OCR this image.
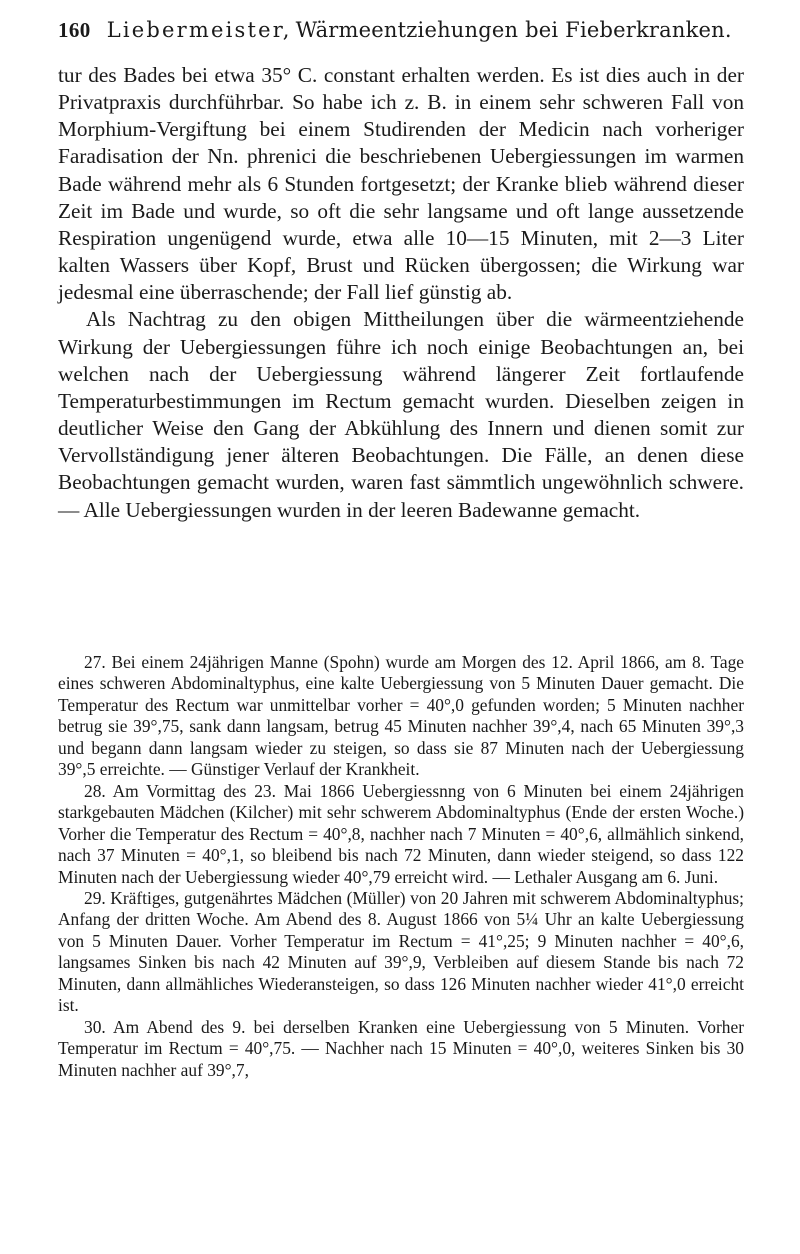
160 Liebermeister, Wärmeentziehungen bei Fieberkranken.

tur des Bades bei etwa 35° C. constant erhalten werden. Es ist dies auch in der Privatpraxis durchführbar. So habe ich z. B. in einem sehr schweren Fall von Morphium-Vergiftung bei einem Studirenden der Medicin nach vorheriger Faradisation der Nn. phrenici die beschriebenen Uebergiessungen im warmen Bade während mehr als 6 Stunden fortgesetzt; der Kranke blieb während dieser Zeit im Bade und wurde, so oft die sehr langsame und oft lange aussetzende Respiration ungenügend wurde, etwa alle 10—15 Minuten, mit 2—3 Liter kalten Wassers über Kopf, Brust und Rücken übergossen; die Wirkung war jedesmal eine überraschende; der Fall lief günstig ab.

Als Nachtrag zu den obigen Mittheilungen über die wärmeentziehende Wirkung der Uebergiessungen führe ich noch einige Beobachtungen an, bei welchen nach der Uebergiessung während längerer Zeit fortlaufende Temperaturbestimmungen im Rectum gemacht wurden. Dieselben zeigen in deutlicher Weise den Gang der Abkühlung des Innern und dienen somit zur Vervollständigung jener älteren Beobachtungen. Die Fälle, an denen diese Beobachtungen gemacht wurden, waren fast sämmtlich ungewöhnlich schwere. — Alle Uebergiessungen wurden in der leeren Badewanne gemacht.

27. Bei einem 24jährigen Manne (Spohn) wurde am Morgen des 12. April 1866, am 8. Tage eines schweren Abdominaltyphus, eine kalte Uebergiessung von 5 Minuten Dauer gemacht. Die Temperatur des Rectum war unmittelbar vorher = 40°,0 gefunden worden; 5 Minuten nachher betrug sie 39°,75, sank dann langsam, betrug 45 Minuten nachher 39°,4, nach 65 Minuten 39°,3 und begann dann langsam wieder zu steigen, so dass sie 87 Minuten nach der Uebergiessung 39°,5 erreichte. — Günstiger Verlauf der Krankheit.

28. Am Vormittag des 23. Mai 1866 Uebergiessnng von 6 Minuten bei einem 24jährigen starkgebauten Mädchen (Kilcher) mit sehr schwerem Abdominaltyphus (Ende der ersten Woche.) Vorher die Temperatur des Rectum = 40°,8, nachher nach 7 Minuten = 40°,6, allmählich sinkend, nach 37 Minuten = 40°,1, so bleibend bis nach 72 Minuten, dann wieder steigend, so dass 122 Minuten nach der Uebergiessung wieder 40°,79 erreicht wird. — Lethaler Ausgang am 6. Juni.

29. Kräftiges, gutgenährtes Mädchen (Müller) von 20 Jahren mit schwerem Abdominaltyphus; Anfang der dritten Woche. Am Abend des 8. August 1866 von 5¼ Uhr an kalte Uebergiessung von 5 Minuten Dauer. Vorher Temperatur im Rectum = 41°,25; 9 Minuten nachher = 40°,6, langsames Sinken bis nach 42 Minuten auf 39°,9, Verbleiben auf diesem Stande bis nach 72 Minuten, dann allmähliches Wiederansteigen, so dass 126 Minuten nachher wieder 41°,0 erreicht ist.

30. Am Abend des 9. bei derselben Kranken eine Uebergiessung von 5 Minuten. Vorher Temperatur im Rectum = 40°,75. — Nachher nach 15 Minuten = 40°,0, weiteres Sinken bis 30 Minuten nachher auf 39°,7,
